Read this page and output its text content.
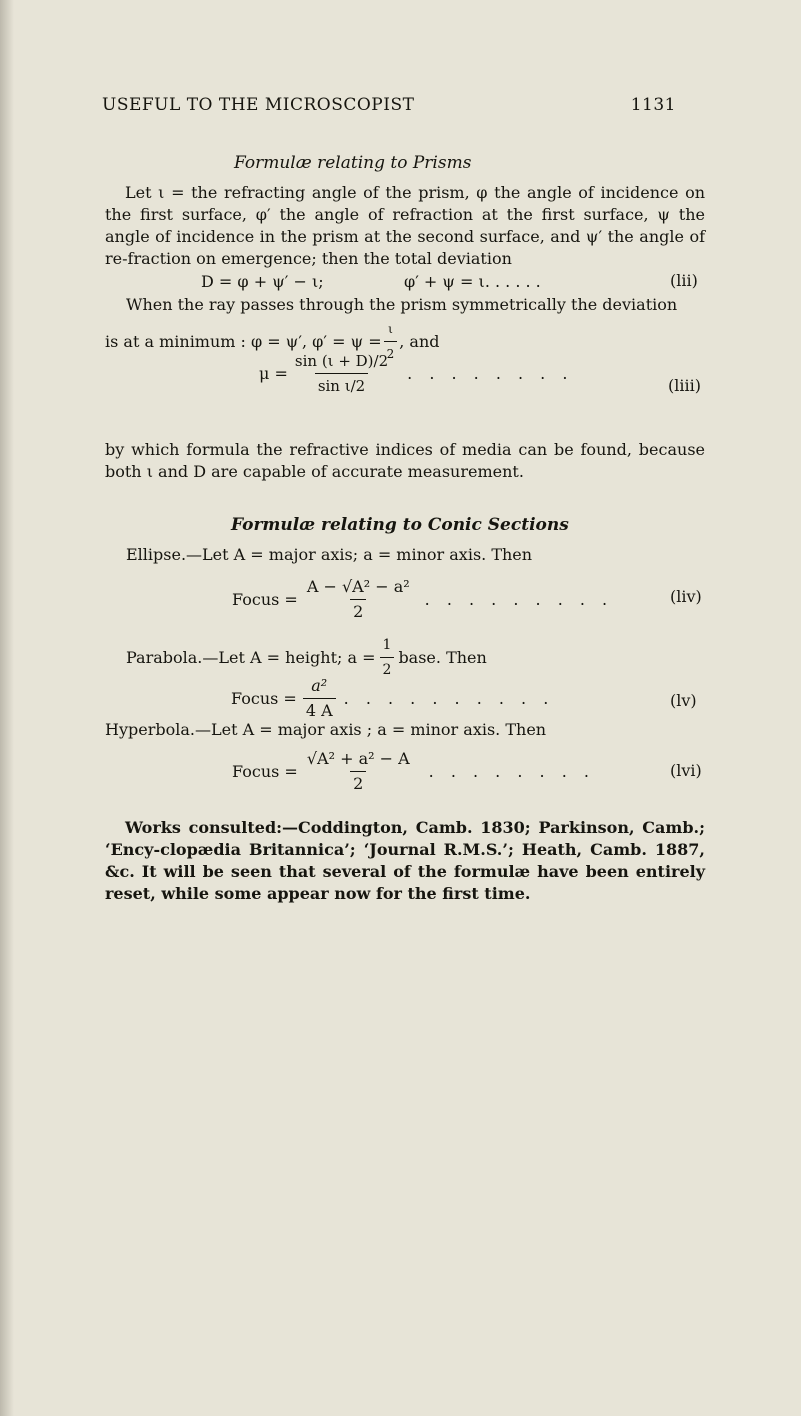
USEFUL TO THE MICROSCOPIST	1131
Formulæ relating to Prisms

Let ι = the refracting angle of the prism, φ the angle of incidence on the first surface, φ′ the angle of refraction at the first surface, ψ the angle of incidence in the prism at the second surface, and ψ′ the angle of re-fraction on emergence; then the total deviation

D = φ + ψ′ − ι;	φ′ + ψ = ι. . . . . .	(lii)
When the ray passes through the prism symmetrically the deviation
is at a minimum : φ = ψ′, $\varphi' = \psi = \frac{\iota}{2}$ , and
$\mu = \frac{\sin (\iota + D)/2}{\text{sin ι/2}}$ . . . . . . . .
(liii)

by which formula the refractive indices of media can be found, because both ι and D are capable of accurate measurement.

Formulæ relating to Conic Sections
Ellipse.—Let A = major axis; a = minor axis. Then
Focus = $\frac{\text{A − √A² − a²}}{2}$ . . . . . . . . .	(liv)
Parabola.—Let A = height; $a = \frac{1}{2}$ base. Then
Focus = $\frac{\text{a²}}{4 A}$ . . . . . . . . . .	(lv)
Hyperbola.—Let A = major axis ; a = minor axis. Then
Focus = $\frac{\text{√A² + a² − A}}{2}$ . . . . . . . .	(lvi)

Works consulted:—Coddington, Camb. 1830; Parkinson, Camb.; ‘Ency-clopædia Britannica’; ‘Journal R.M.S.’; Heath, Camb. 1887, &c. It will be seen that several of the formulæ have been entirely reset, while some appear now for the first time.
